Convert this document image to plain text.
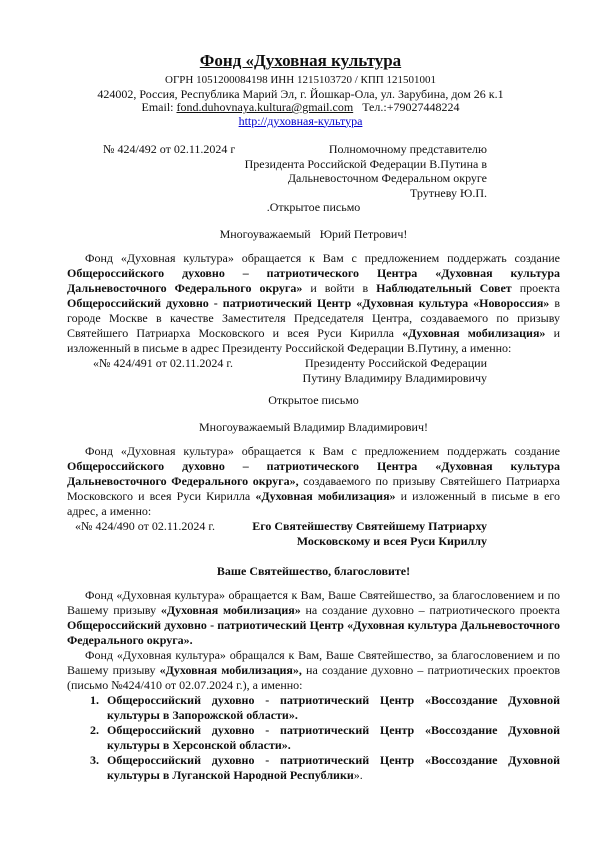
Фонд «Духовная культура
ОГРН 1051200084198 ИНН 1215103720 / КПП 121501001
424002, Россия, Республика Марий Эл, г. Йошкар-Ола, ул. Зарубина, дом 26 к.1
Email: fond.duhovnaya.kultura@gmail.com Тел.:+79027448224
http://духовная-культура
№ 424/492 от 02.11.2024 г	Полномочному представителю
Президента Российской Федерации В.Путина в
Дальневосточном Федеральном округе
Трутневу Ю.П.
.Открытое письмо
Многоуважаемый   Юрий Петрович!

Фонд «Духовная культура» обращается к Вам с предложением поддержать создание Общероссийского духовно – патриотического Центра «Духовная культура Дальневосточного Федерального округа» и войти в Наблюдательный Совет проекта Общероссийский духовно - патриотический Центр «Духовная культура «Новороссия» в городе Москве в качестве Заместителя Председателя Центра, создаваемого по призыву Святейшего Патриарха Московского и всея Руси Кирилла «Духовная мобилизация» и изложенный в письме в адрес Президенту Российской Федерации В.Путину, а именно:

«№ 424/491 от 02.11.2024 г.	Президенту Российской Федерации
Путину Владимиру Владимировичу
Открытое письмо
Многоуважаемый Владимир Владимирович!

Фонд «Духовная культура» обращается к Вам с предложением поддержать создание Общероссийского духовно – патриотического Центра «Духовная культура Дальневосточного Федерального округа», создаваемого по призыву Святейшего Патриарха Московского и всея Руси Кирилла «Духовная мобилизация» и изложенный в письме в его адрес, а именно:

«№ 424/490 от 02.11.2024 г.	Его Святейшеству Святейшему Патриарху
Московскому и всея Руси Кириллу
Ваше Святейшество, благословите!

Фонд «Духовная культура» обращается к Вам, Ваше Святейшество, за благословением и по Вашему призыву «Духовная мобилизация» на создание духовно – патриотического проекта Общероссийский духовно - патриотический Центр «Духовная культура Дальневосточного Федерального округа».

Фонд «Духовная культура» обращался к Вам, Ваше Святейшество, за благословением и по Вашему призыву «Духовная мобилизация», на создание духовно – патриотических проектов (письмо №424/410 от 02.07.2024 г.), а именно:

1. Общероссийский духовно - патриотический Центр «Воссоздание Духовной культуры в Запорожской области».
2. Общероссийский духовно - патриотический Центр «Воссоздание Духовной культуры в Херсонской области».
3. Общероссийский духовно - патриотический Центр «Воссоздание Духовной культуры в Луганской Народной Республики».
